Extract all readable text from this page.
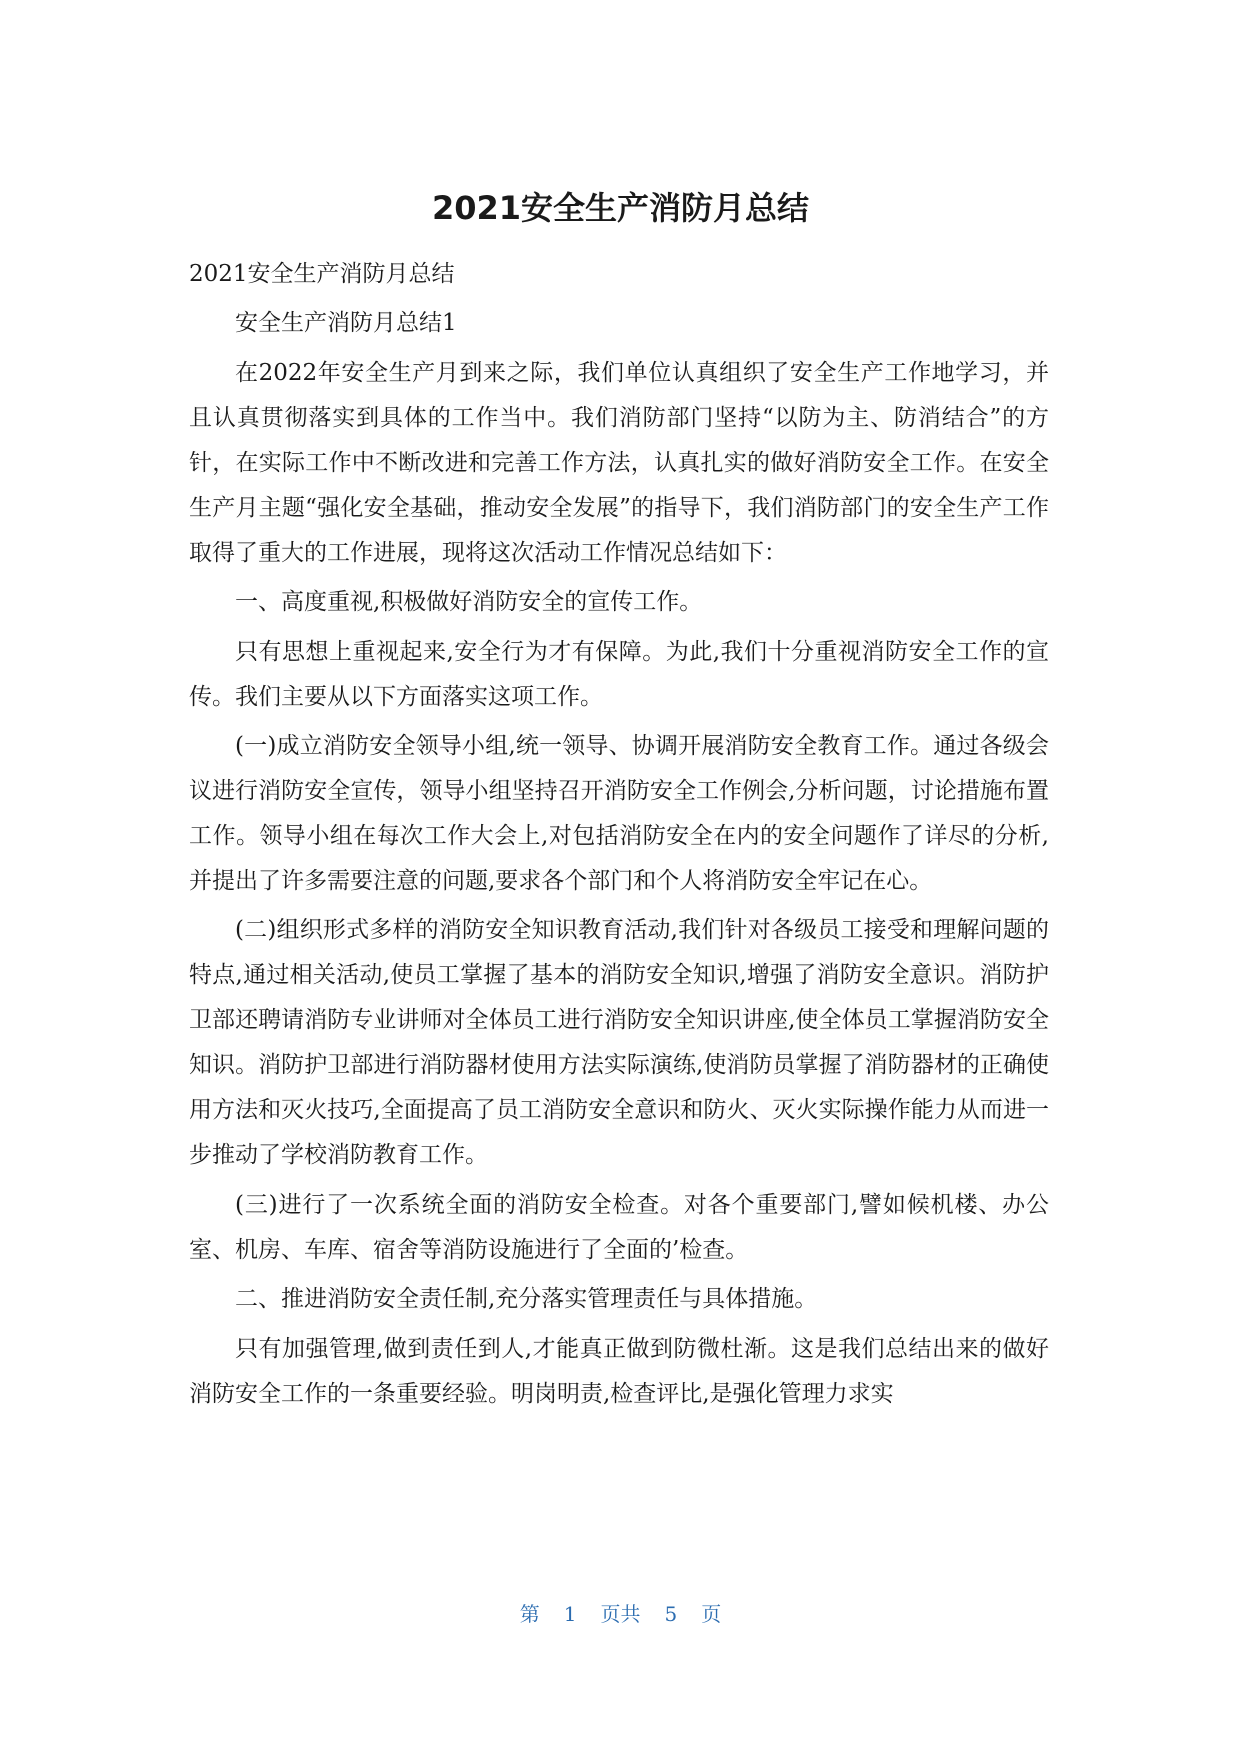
2021安全生产消防月总结

2021安全生产消防月总结

安全生产消防月总结1

在2022年安全生产月到来之际，我们单位认真组织了安全生产工作地学习，并且认真贯彻落实到具体的工作当中。我们消防部门坚持“以防为主、防消结合”的方针，在实际工作中不断改进和完善工作方法，认真扎实的做好消防安全工作。在安全生产月主题“强化安全基础，推动安全发展”的指导下，我们消防部门的安全生产工作取得了重大的工作进展，现将这次活动工作情况总结如下：

一、高度重视,积极做好消防安全的宣传工作。

只有思想上重视起来,安全行为才有保障。为此,我们十分重视消防安全工作的宣传。我们主要从以下方面落实这项工作。

(一)成立消防安全领导小组,统一领导、协调开展消防安全教育工作。通过各级会议进行消防安全宣传，领导小组坚持召开消防安全工作例会,分析问题，讨论措施布置工作。领导小组在每次工作大会上,对包括消防安全在内的安全问题作了详尽的分析,并提出了许多需要注意的问题,要求各个部门和个人将消防安全牢记在心。

(二)组织形式多样的消防安全知识教育活动,我们针对各级员工接受和理解问题的特点,通过相关活动,使员工掌握了基本的消防安全知识,增强了消防安全意识。消防护卫部还聘请消防专业讲师对全体员工进行消防安全知识讲座,使全体员工掌握消防安全知识。消防护卫部进行消防器材使用方法实际演练,使消防员掌握了消防器材的正确使用方法和灭火技巧,全面提高了员工消防安全意识和防火、灭火实际操作能力从而进一步推动了学校消防教育工作。

(三)进行了一次系统全面的消防安全检查。对各个重要部门,譬如候机楼、办公室、机房、车库、宿舍等消防设施进行了全面的’检查。

二、推进消防安全责任制,充分落实管理责任与具体措施。

只有加强管理,做到责任到人,才能真正做到防微杜渐。这是我们总结出来的做好消防安全工作的一条重要经验。明岗明责,检查评比,是强化管理力求实

第 1 页共 5 页
